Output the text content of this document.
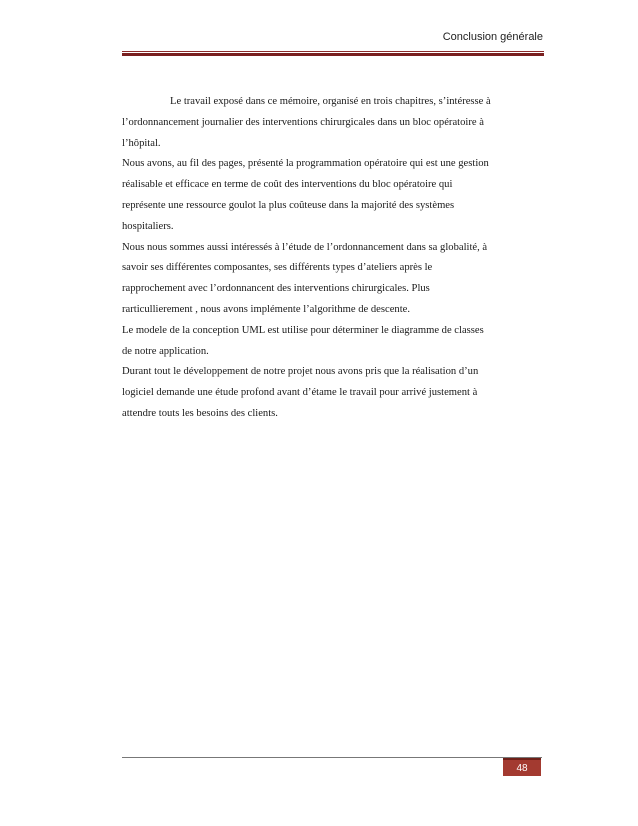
Conclusion générale
Le travail exposé dans ce mémoire, organisé en trois chapitres, s’intéresse à
l’ordonnancement journalier des interventions chirurgicales dans un bloc opératoire à
l’hôpital.
Nous avons, au fil des pages, présenté la programmation opératoire qui est une gestion
réalisable et efficace en terme de coût des interventions du bloc opératoire qui
représente une ressource goulot la plus coûteuse dans la majorité des systèmes
hospitaliers.
Nous nous sommes aussi intéressés à l’étude de l’ordonnancement dans sa globalité, à
savoir ses différentes composantes, ses différents types d’ateliers après le
rapprochement avec l’ordonnancent des interventions chirurgicales. Plus
rarticullierement , nous avons implémente l’algorithme de descente.
Le modele de la conception UML est utilise pour déterminer le diagramme de classes
de notre application.
Durant tout le développement de notre projet nous avons pris que la réalisation d’un
logiciel demande une étude profond avant d’étame le travail pour arrivé justement à
attendre touts les besoins des clients.
48
